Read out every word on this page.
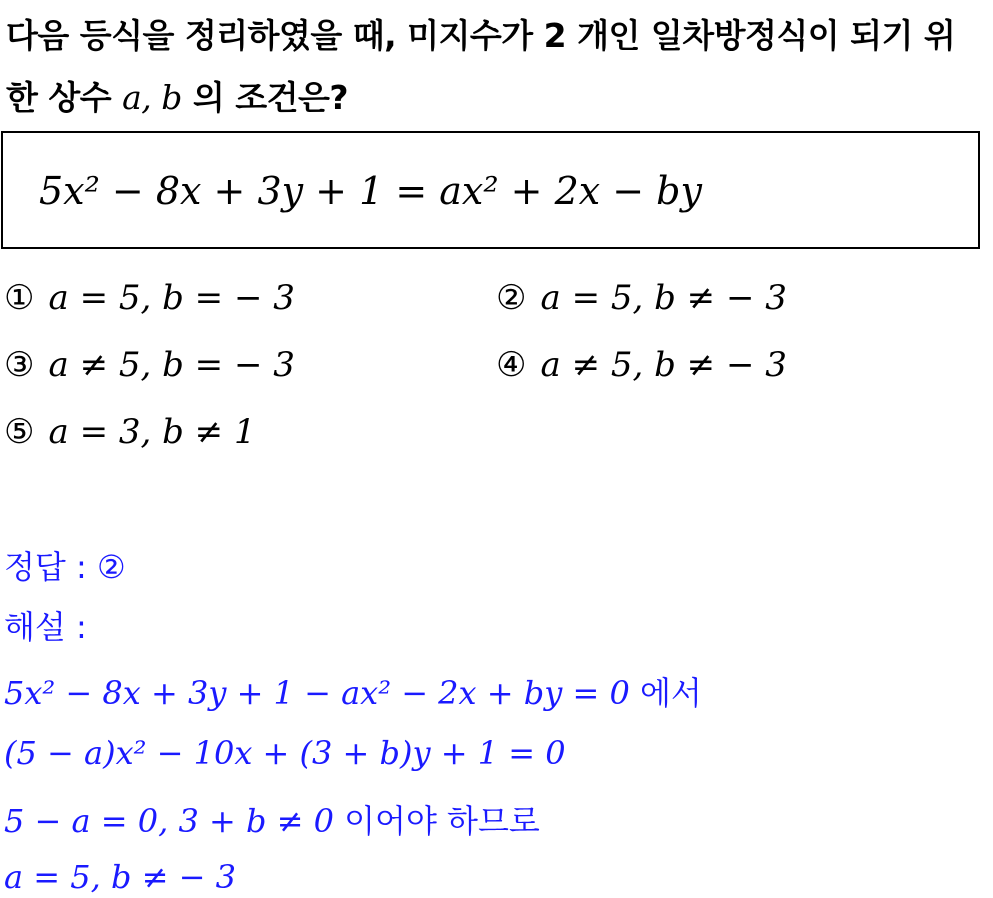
다음 등식을 정리하였을 때, 미지수가 2 개인 일차방정식이 되기 위
한 상수 a, b 의 조건은?
5x² − 8x + 3y + 1 = ax² + 2x − by
① a = 5, b = − 3	② a = 5, b ≠ − 3
③ a ≠ 5, b = − 3	④ a ≠ 5, b ≠ − 3
⑤ a = 3, b ≠ 1
정답 : ②
해설 :
5x² − 8x + 3y + 1 − ax² − 2x + by = 0 에서
(5 − a)x² − 10x + (3 + b)y + 1 = 0
5 − a = 0, 3 + b ≠ 0 이어야 하므로
a = 5, b ≠ − 3
